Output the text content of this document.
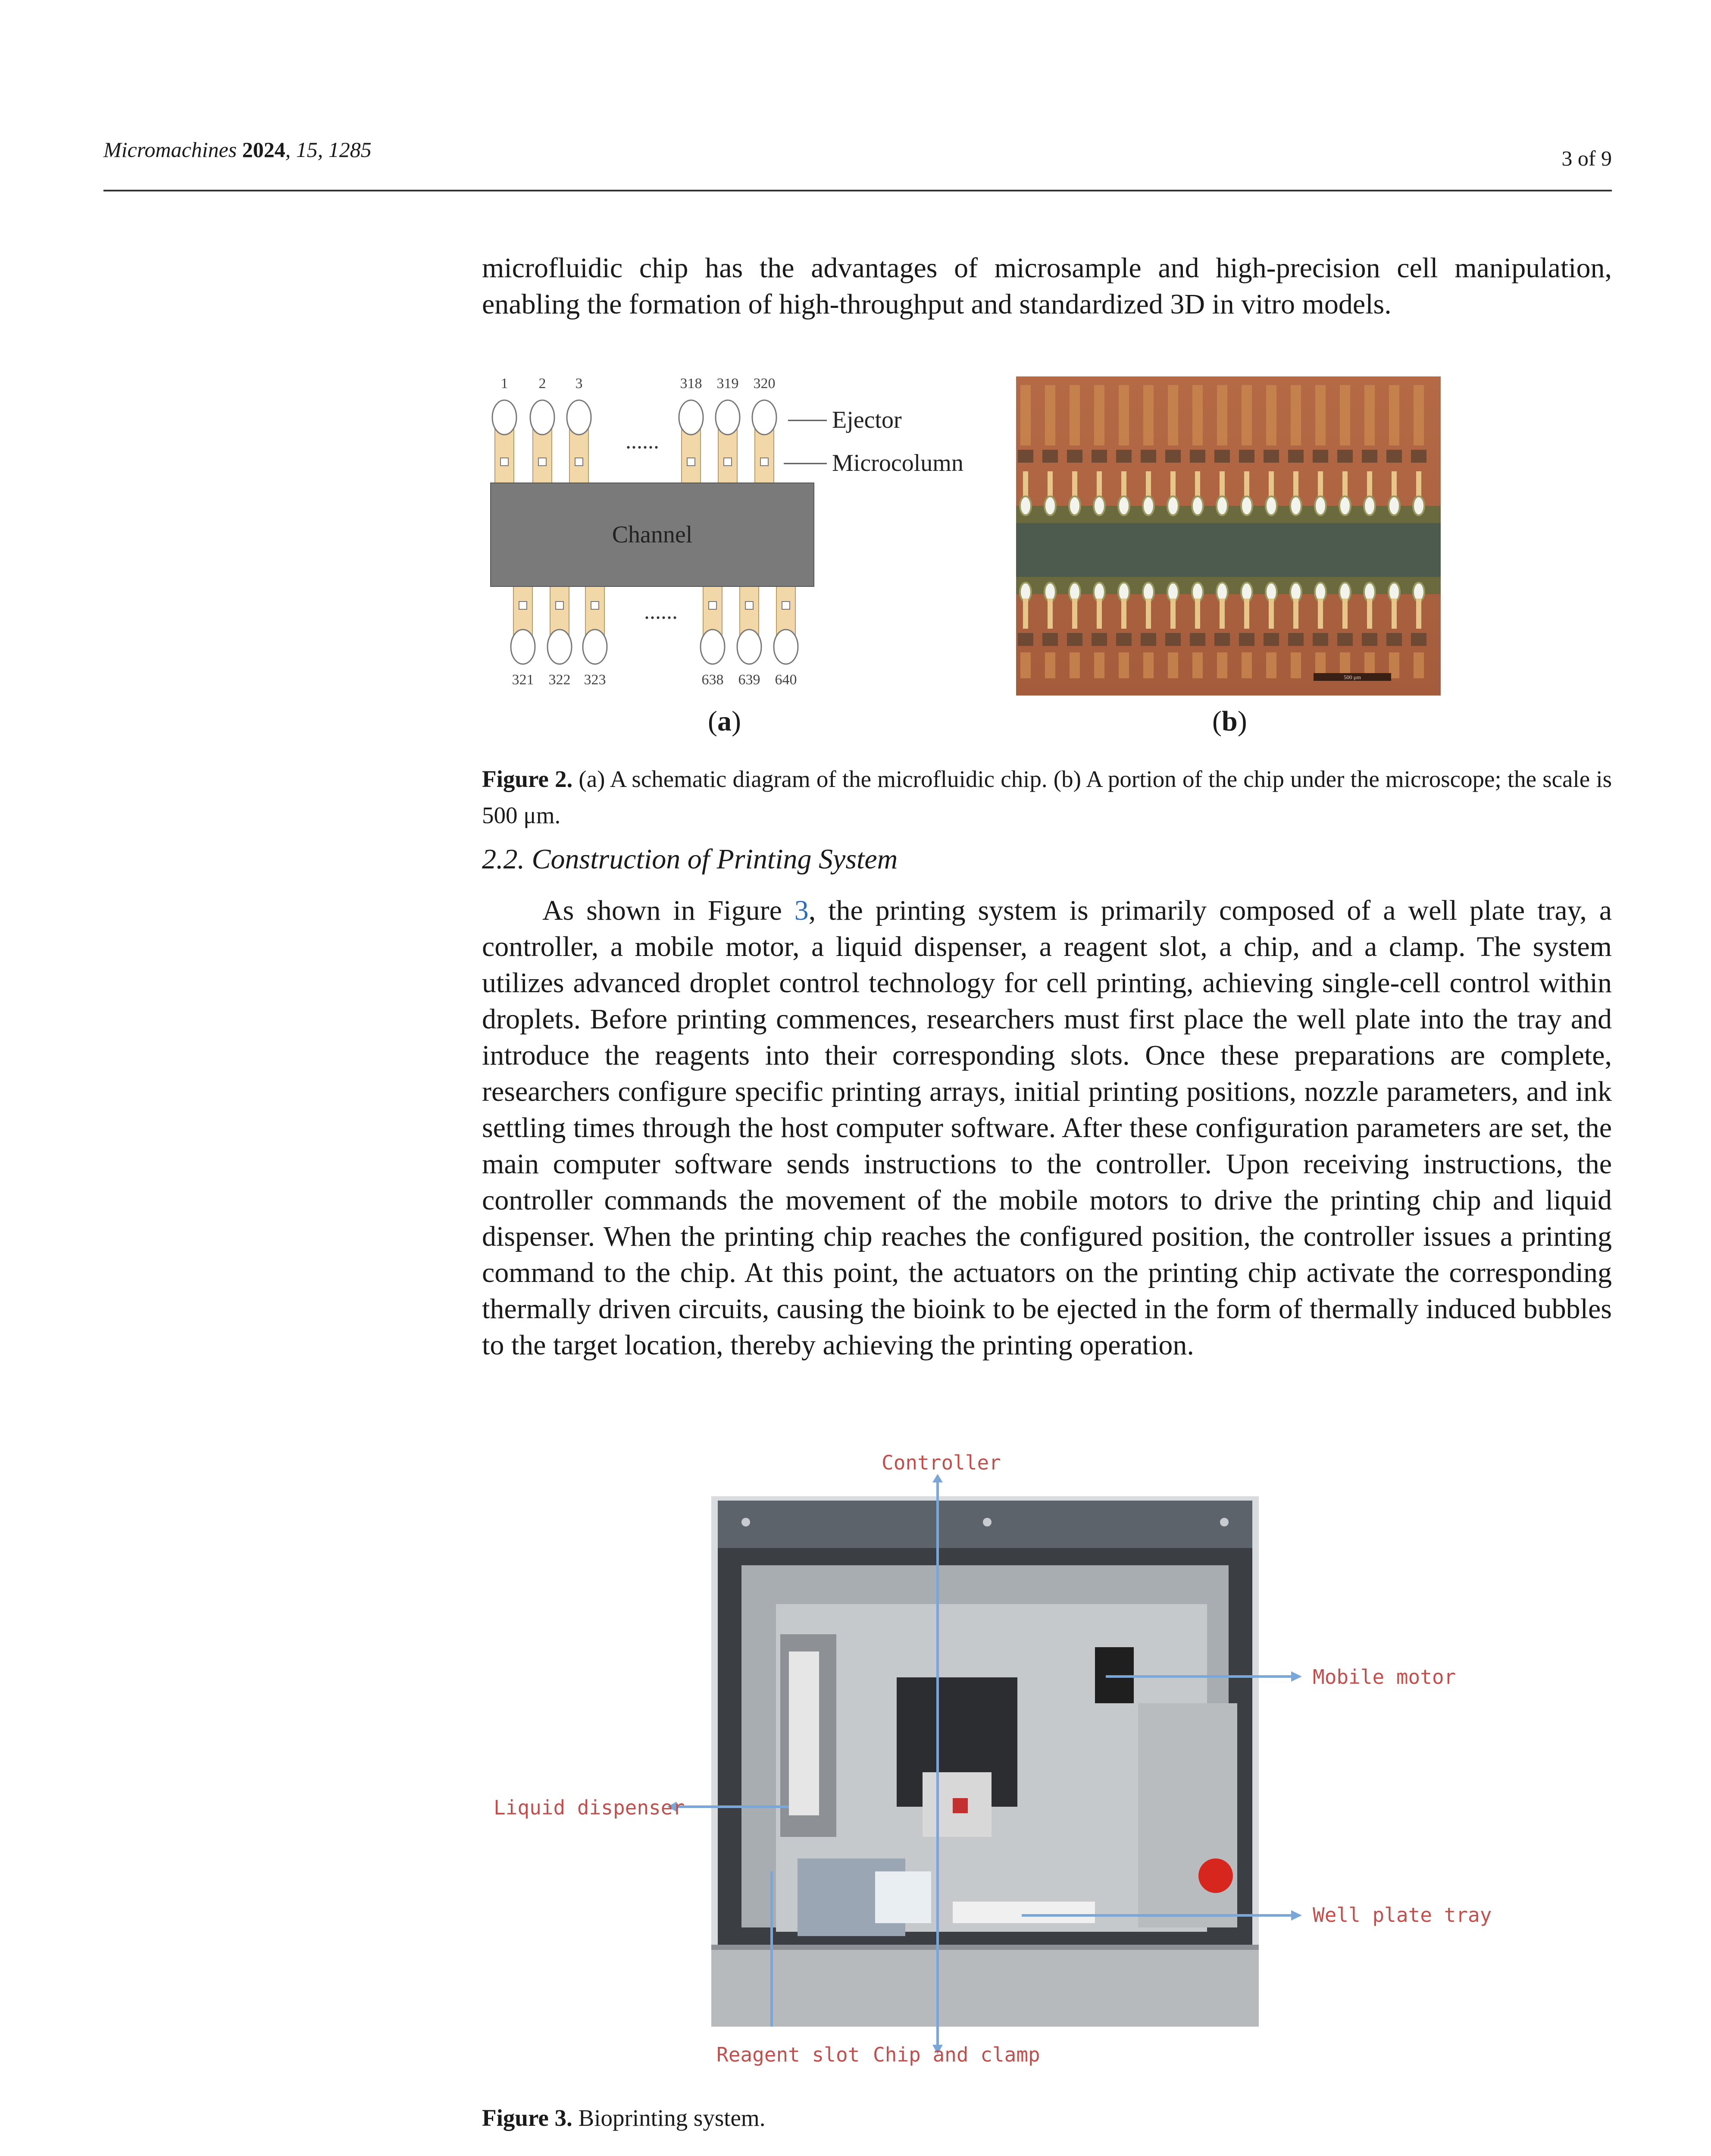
Micromachines 2024, 15, 1285	3 of 9

microfluidic chip has the advantages of microsample and high-precision cell manipulation, enabling the formation of high-throughput and standardized 3D in vitro models.

1 2 3	318 319 320
321 322 323	638 639 640
Channel
......
......
Ejector
Microcolumn
500 μm
(a)	(b)
Figure 2. (a) A schematic diagram of the microfluidic chip. (b) A portion of the chip under the microscope; the scale is 500 μm.
2.2. Construction of Printing System

As shown in Figure 3, the printing system is primarily composed of a well plate tray, a controller, a mobile motor, a liquid dispenser, a reagent slot, a chip, and a clamp. The system utilizes advanced droplet control technology for cell printing, achieving single-cell control within droplets. Before printing commences, researchers must first place the well plate into the tray and introduce the reagents into their corresponding slots. Once these preparations are complete, researchers configure specific printing arrays, initial printing positions, nozzle parameters, and ink settling times through the host computer software. After these configuration parameters are set, the main computer software sends instructions to the controller. Upon receiving instructions, the controller commands the movement of the mobile motors to drive the printing chip and liquid dispenser. When the printing chip reaches the configured position, the controller issues a printing command to the chip. At this point, the actuators on the printing chip activate the corresponding thermally driven circuits, causing the bioink to be ejected in the form of thermally induced bubbles to the target location, thereby achieving the printing operation.

Controller
Mobile motor
Liquid dispenser
Well plate tray
Reagent slot Chip and clamp
Figure 3. Bioprinting system.
